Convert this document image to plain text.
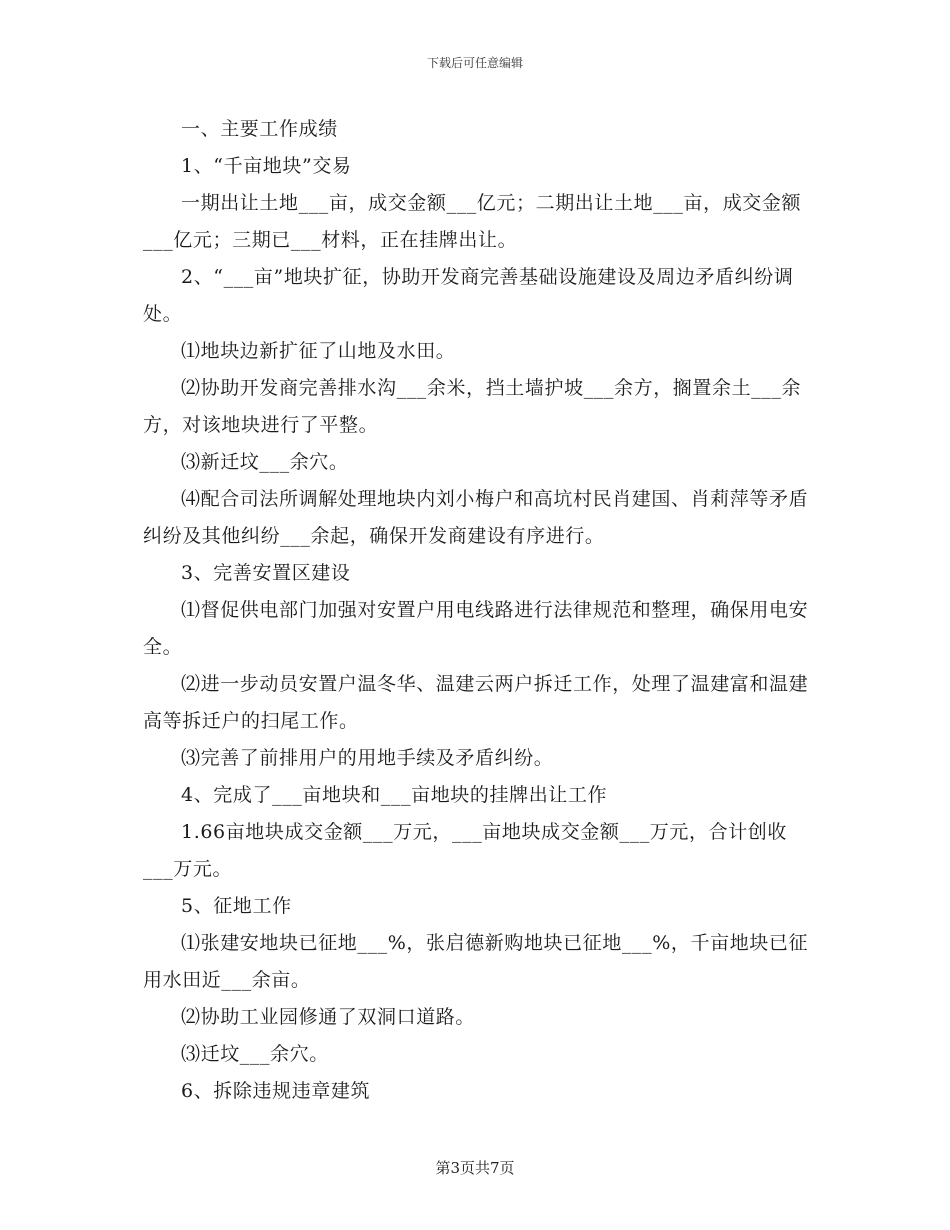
下载后可任意编辑

一、主要工作成绩

1、“千亩地块”交易

一期出让土地___亩，成交金额___亿元；二期出让土地___亩，成交金额___亿元；三期已___材料，正在挂牌出让。

2、“___亩”地块扩征，协助开发商完善基础设施建设及周边矛盾纠纷调处。

⑴地块边新扩征了山地及水田。

⑵协助开发商完善排水沟___余米，挡土墙护坡___余方，搁置余土___余方，对该地块进行了平整。

⑶新迁坟___余穴。

⑷配合司法所调解处理地块内刘小梅户和高坑村民肖建国、肖莉萍等矛盾纠纷及其他纠纷___余起，确保开发商建设有序进行。

3、完善安置区建设

⑴督促供电部门加强对安置户用电线路进行法律规范和整理，确保用电安全。

⑵进一步动员安置户温冬华、温建云两户拆迁工作，处理了温建富和温建高等拆迁户的扫尾工作。

⑶完善了前排用户的用地手续及矛盾纠纷。

4、完成了___亩地块和___亩地块的挂牌出让工作

1.66亩地块成交金额___万元，___亩地块成交金额___万元，合计创收___万元。

5、征地工作

⑴张建安地块已征地___%，张启德新购地块已征地___%，千亩地块已征用水田近___余亩。

⑵协助工业园修通了双洞口道路。

⑶迁坟___余穴。

6、拆除违规违章建筑

第3页共7页
